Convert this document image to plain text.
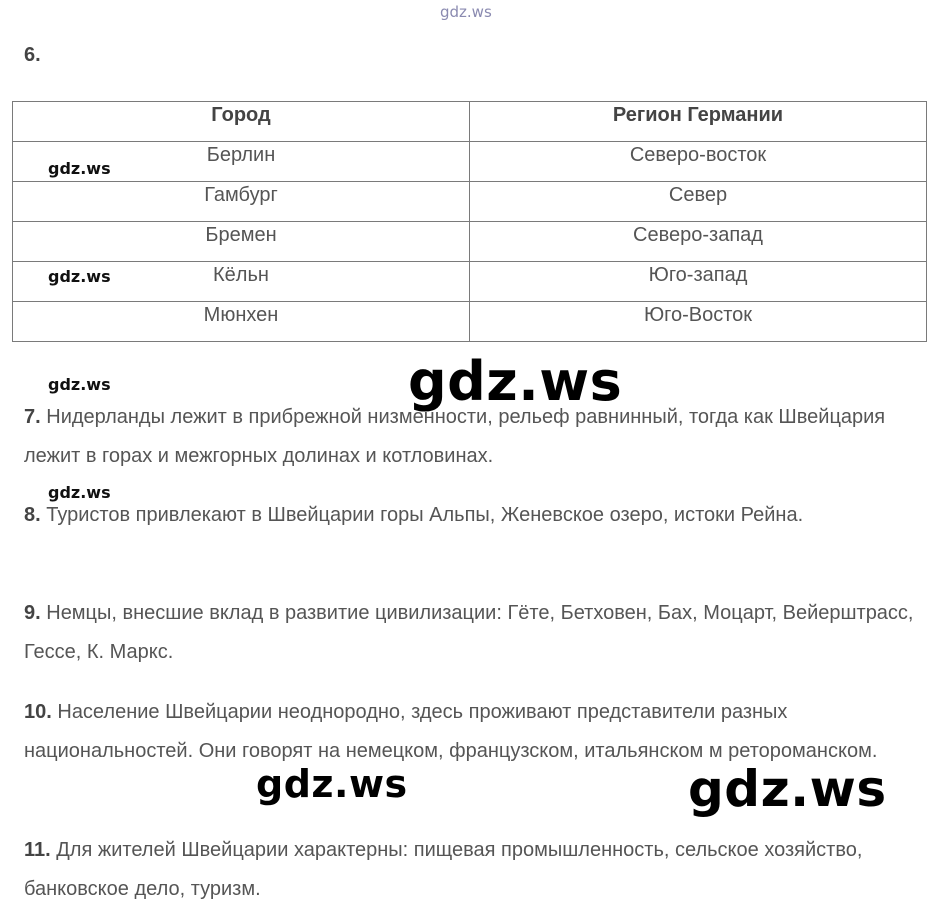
gdz.ws
6.
Город	Регион Германии
Берлин	Северо-восток
Гамбург	Север
Бремен	Северо-запад
Кёльн	Юго-запад
Мюнхен	Юго-Восток
7. Нидерланды лежит в прибрежной низменности, рельеф равнинный, тогда как Швейцария лежит в горах и межгорных долинах и котловинах.
8. Туристов привлекают в Швейцарии горы Альпы, Женевское озеро, истоки Рейна.
9. Немцы, внесшие вклад в развитие цивилизации: Гёте, Бетховен, Бах, Моцарт, Вейерштрасс, Гессе, К. Маркс.
10. Население Швейцарии неоднородно, здесь проживают представители разных национальностей. Они говорят на немецком, французском, итальянском м ретороманском.
11. Для жителей Швейцарии характерны: пищевая промышленность, сельское хозяйство, банковское дело, туризм.
gdz.ws
gdz.ws
gdz.ws
gdz.ws
gdz.ws
gdz.ws	gdz.ws
